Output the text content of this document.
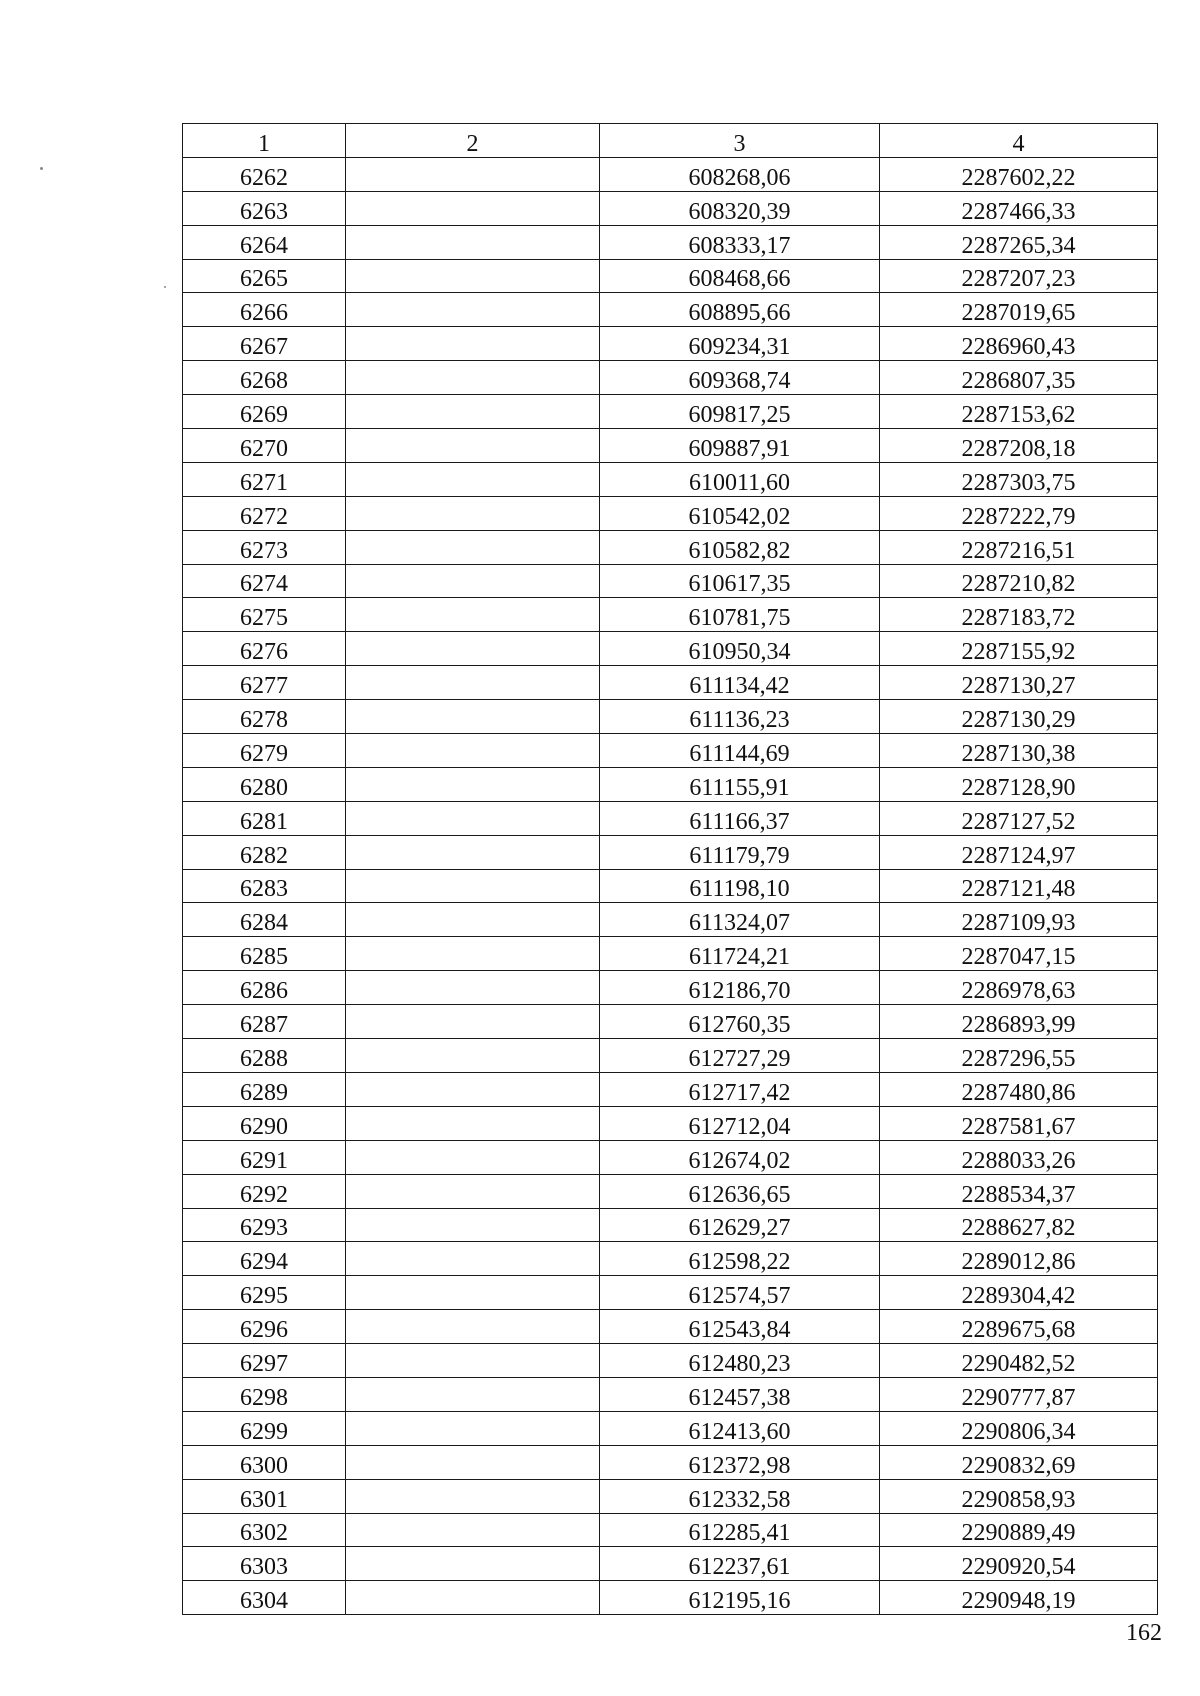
1	2	3	4
6262		608268,06	2287602,22
6263		608320,39	2287466,33
6264		608333,17	2287265,34
6265		608468,66	2287207,23
6266		608895,66	2287019,65
6267		609234,31	2286960,43
6268		609368,74	2286807,35
6269		609817,25	2287153,62
6270		609887,91	2287208,18
6271		610011,60	2287303,75
6272		610542,02	2287222,79
6273		610582,82	2287216,51
6274		610617,35	2287210,82
6275		610781,75	2287183,72
6276		610950,34	2287155,92
6277		611134,42	2287130,27
6278		611136,23	2287130,29
6279		611144,69	2287130,38
6280		611155,91	2287128,90
6281		611166,37	2287127,52
6282		611179,79	2287124,97
6283		611198,10	2287121,48
6284		611324,07	2287109,93
6285		611724,21	2287047,15
6286		612186,70	2286978,63
6287		612760,35	2286893,99
6288		612727,29	2287296,55
6289		612717,42	2287480,86
6290		612712,04	2287581,67
6291		612674,02	2288033,26
6292		612636,65	2288534,37
6293		612629,27	2288627,82
6294		612598,22	2289012,86
6295		612574,57	2289304,42
6296		612543,84	2289675,68
6297		612480,23	2290482,52
6298		612457,38	2290777,87
6299		612413,60	2290806,34
6300		612372,98	2290832,69
6301		612332,58	2290858,93
6302		612285,41	2290889,49
6303		612237,61	2290920,54
6304		612195,16	2290948,19
162
